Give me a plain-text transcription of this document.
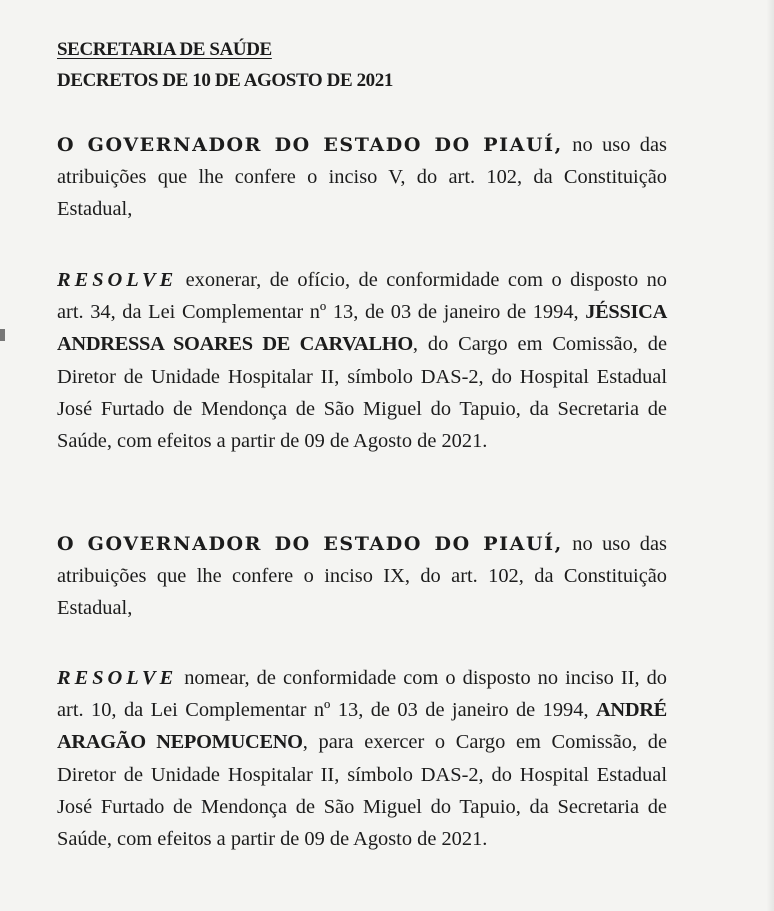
SECRETARIA DE SAÚDE
DECRETOS DE 10 DE AGOSTO DE 2021

O GOVERNADOR DO ESTADO DO PIAUÍ, no uso das atribuições que lhe confere o inciso V, do art. 102, da Constituição Estadual,

RESOLVE exonerar, de ofício, de conformidade com o disposto no art. 34, da Lei Complementar nº 13, de 03 de janeiro de 1994, JÉSSICA ANDRESSA SOARES DE CARVALHO, do Cargo em Comissão, de Diretor de Unidade Hospitalar II, símbolo DAS-2, do Hospital Estadual José Furtado de Mendonça de São Miguel do Tapuio, da Secretaria de Saúde, com efeitos a partir de 09 de Agosto de 2021.

O GOVERNADOR DO ESTADO DO PIAUÍ, no uso das atribuições que lhe confere o inciso IX, do art. 102, da Constituição Estadual,

RESOLVE nomear, de conformidade com o disposto no inciso II, do art. 10, da Lei Complementar nº 13, de 03 de janeiro de 1994, ANDRÉ ARAGÃO NEPOMUCENO, para exercer o Cargo em Comissão, de Diretor de Unidade Hospitalar II, símbolo DAS-2, do Hospital Estadual José Furtado de Mendonça de São Miguel do Tapuio, da Secretaria de Saúde, com efeitos a partir de 09 de Agosto de 2021.
